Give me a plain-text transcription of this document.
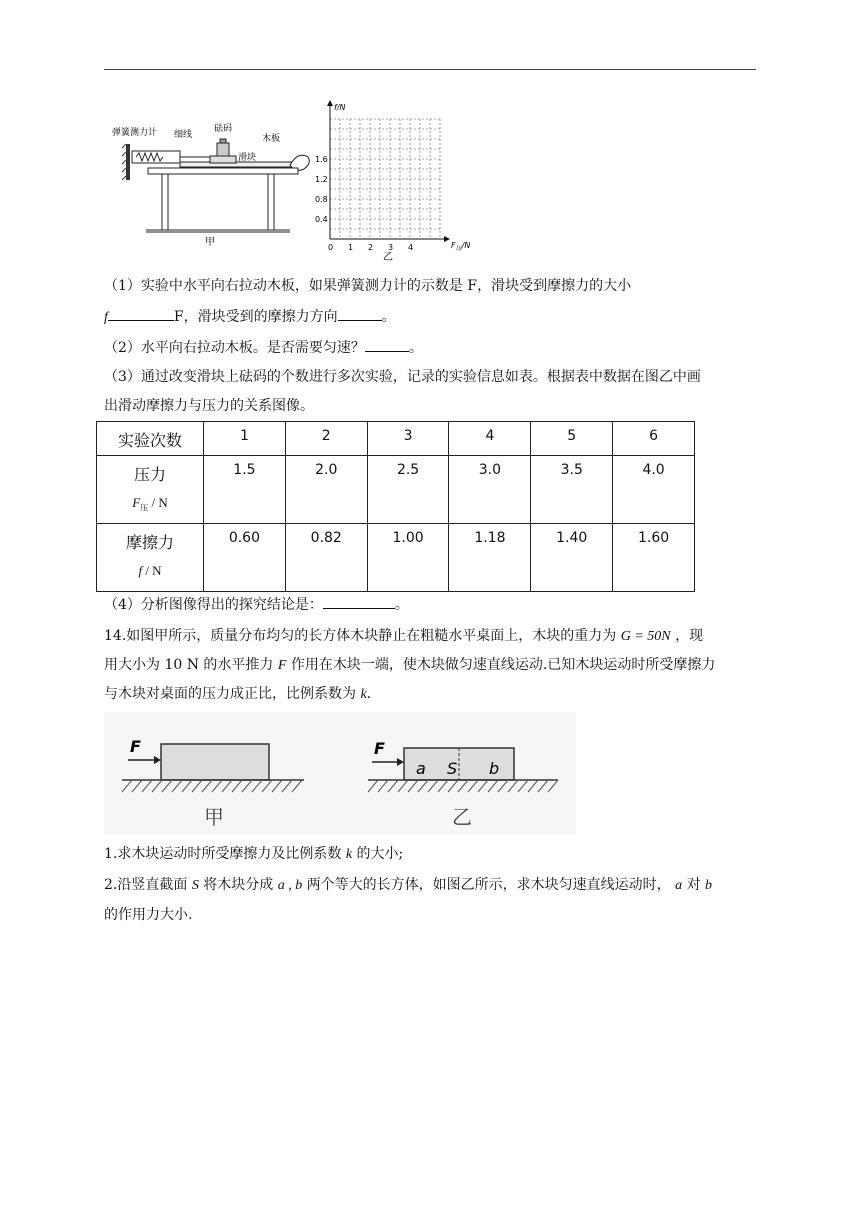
弹簧测力计 细线
砝码
木板
滑块
甲
f/N
1.6
1.2
0.8
0.4
0 1 2 3 4	$F_压/N$
乙
（1）实验中水平向右拉动木板，如果弹簧测力计的示数是 F，滑块受到摩擦力的大小
f	F，滑块受到的摩擦力方向	。
（2）水平向右拉动木板。是否需要匀速？	。
（3）通过改变滑块上砝码的个数进行多次实验，记录的实验信息如表。根据表中数据在图乙中画
出滑动摩擦力与压力的关系图像。
实验次数	1	2	3	4	5	6
压力
$F_压$ / N	1.5	2.0	2.5	3.0	3.5	4.0
摩擦力
f / N	0.60	0.82	1.00	1.18	1.40	1.60
（4）分析图像得出的探究结论是：	。
14.如图甲所示，质量分布均匀的长方体木块静止在粗糙水平桌面上，木块的重力为 G = 50N ，现
用大小为 10 N 的水平推力 F 作用在木块一端，使木块做匀速直线运动.已知木块运动时所受摩擦力
与木块对桌面的压力成正比，比例系数为 k.
F
甲
F
a S b
乙
1.求木块运动时所受摩擦力及比例系数 k 的大小;
2.沿竖直截面 S 将木块分成 a , b 两个等大的长方体，如图乙所示，求木块匀速直线运动时， a 对 b
的作用力大小.
